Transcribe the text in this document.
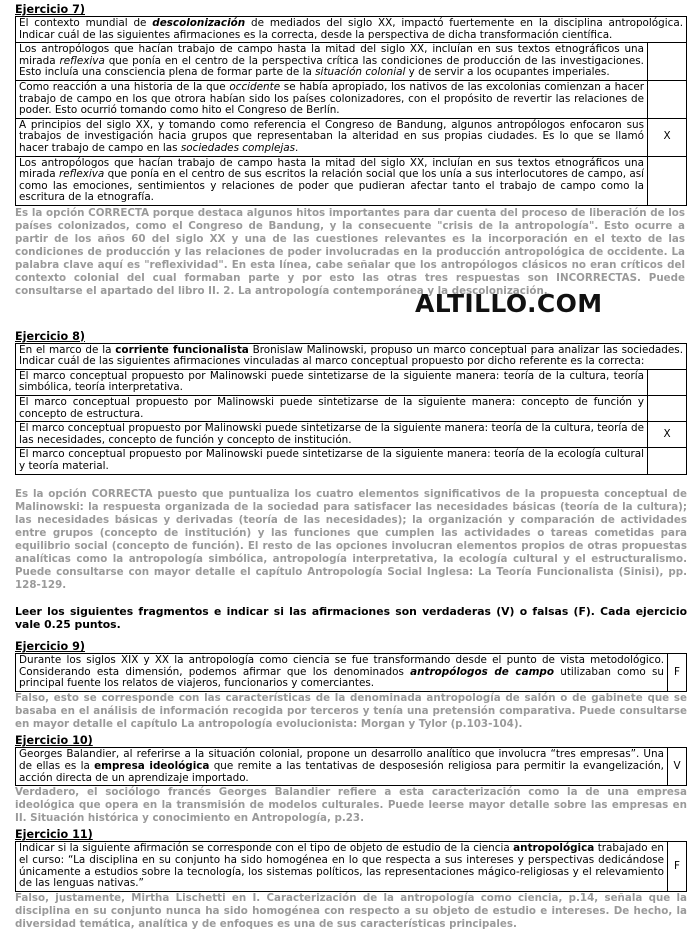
ALTILLO.COM
Ejercicio 7)
El contexto mundial de descolonización de mediados del siglo XX, impactó fuertemente en la disciplina antropológica. Indicar cuál de las siguientes afirmaciones es la correcta, desde la perspectiva de dicha transformación científica.	
Los antropólogos que hacían trabajo de campo hasta la mitad del siglo XX, incluían en sus textos etnográficos una mirada reflexiva que ponía en el centro de la perspectiva crítica las condiciones de producción de las investigaciones. Esto incluía una consciencia plena de formar parte de la situación colonial y de servir a los ocupantes imperiales.	
Como reacción a una historia de la que occidente se había apropiado, los nativos de las excolonias comienzan a hacer trabajo de campo en los que otrora habían sido los países colonizadores, con el propósito de revertir las relaciones de poder. Esto ocurrió tomando como hito el Congreso de Berlín.	
A principios del siglo XX, y tomando como referencia el Congreso de Bandung, algunos antropólogos enfocaron sus trabajos de investigación hacia grupos que representaban la alteridad en sus propias ciudades. Es lo que se llamó hacer trabajo de campo en las sociedades complejas.	X
Los antropólogos que hacían trabajo de campo hasta la mitad del siglo XX, incluían en sus textos etnográficos una mirada reflexiva que ponía en el centro de sus escritos la relación social que los unía a sus interlocutores de campo, así como las emociones, sentimientos y relaciones de poder que pudieran afectar tanto el trabajo de campo como la escritura de la etnografía.	
Es la opción CORRECTA porque destaca algunos hitos importantes para dar cuenta del proceso de liberación de los países colonizados, como el Congreso de Bandung, y la consecuente "crisis de la antropología". Esto ocurre a partir de los años 60 del siglo XX y una de las cuestiones relevantes es la incorporación en el texto de las condiciones de producción y las relaciones de poder involucradas en la producción antropológica de occidente. La palabra clave aquí es "reflexividad". En esta línea, cabe señalar que los antropólogos clásicos no eran críticos del contexto colonial del cual formaban parte y por esto las otras tres respuestas son INCORRECTAS. Puede consultarse el apartado del libro II. 2. La antropología contemporánea y la descolonización.
Ejercicio 8)
En el marco de la corriente funcionalista Bronislaw Malinowski, propuso un marco conceptual para analizar las sociedades. Indicar cuál de las siguientes afirmaciones vinculadas al marco conceptual propuesto por dicho referente es la correcta:	
El marco conceptual propuesto por Malinowski puede sintetizarse de la siguiente manera: teoría de la cultura, teoría simbólica, teoría interpretativa.	
El marco conceptual propuesto por Malinowski puede sintetizarse de la siguiente manera: concepto de función y concepto de estructura.	
El marco conceptual propuesto por Malinowski puede sintetizarse de la siguiente manera: teoría de la cultura, teoría de las necesidades, concepto de función y concepto de institución.	X
El marco conceptual propuesto por Malinowski puede sintetizarse de la siguiente manera: teoría de la ecología cultural y teoría material.	
Es la opción CORRECTA puesto que puntualiza los cuatro elementos significativos de la propuesta conceptual de Malinowski: la respuesta organizada de la sociedad para satisfacer las necesidades básicas (teoría de la cultura); las necesidades básicas y derivadas (teoría de las necesidades); la organización y comparación de actividades entre grupos (concepto de institución) y las funciones que cumplen las actividades o tareas cometidas para equilibrio social (concepto de función). El resto de las opciones involucran elementos propios de otras propuestas analíticas como la antropología simbólica, antropología interpretativa, la ecología cultural y el estructuralismo. Puede consultarse con mayor detalle el capítulo Antropología Social Inglesa: La Teoría Funcionalista (Sinisi), pp. 128-129.
Leer los siguientes fragmentos e indicar si las afirmaciones son verdaderas (V) o falsas (F). Cada ejercicio vale 0.25 puntos.
Ejercicio 9)
Durante los siglos XIX y XX la antropología como ciencia se fue transformando desde el punto de vista metodológico. Considerando esta dimensión, podemos afirmar que los denominados antropólogos de campo utilizaban como su principal fuente los relatos de viajeros, funcionarios y comerciantes.	F
Falso, esto se corresponde con las características de la denominada antropología de salón o de gabinete que se basaba en el análisis de información recogida por terceros y tenía una pretensión comparativa. Puede consultarse en mayor detalle el capítulo La antropología evolucionista: Morgan y Tylor (p.103-104).
Ejercicio 10)
Georges Balandier, al referirse a la situación colonial, propone un desarrollo analítico que involucra “tres empresas”. Una de ellas es la empresa ideológica que remite a las tentativas de desposesión religiosa para permitir la evangelización, acción directa de un aprendizaje importado.	V
Verdadero, el sociólogo francés Georges Balandier refiere a esta caracterización como la de una empresa ideológica que opera en la transmisión de modelos culturales. Puede leerse mayor detalle sobre las empresas en II. Situación histórica y conocimiento en Antropología, p.23.
Ejercicio 11)
Indicar si la siguiente afirmación se corresponde con el tipo de objeto de estudio de la ciencia antropológica trabajado en el curso: “La disciplina en su conjunto ha sido homogénea en lo que respecta a sus intereses y perspectivas dedicándose únicamente a estudios sobre la tecnología, los sistemas políticos, las representaciones mágico-religiosas y el relevamiento de las lenguas nativas.”	F
Falso, justamente, Mirtha Lischetti en I. Caracterización de la antropología como ciencia, p.14, señala que la disciplina en su conjunto nunca ha sido homogénea con respecto a su objeto de estudio e intereses. De hecho, la diversidad temática, analítica y de enfoques es una de sus características principales.
